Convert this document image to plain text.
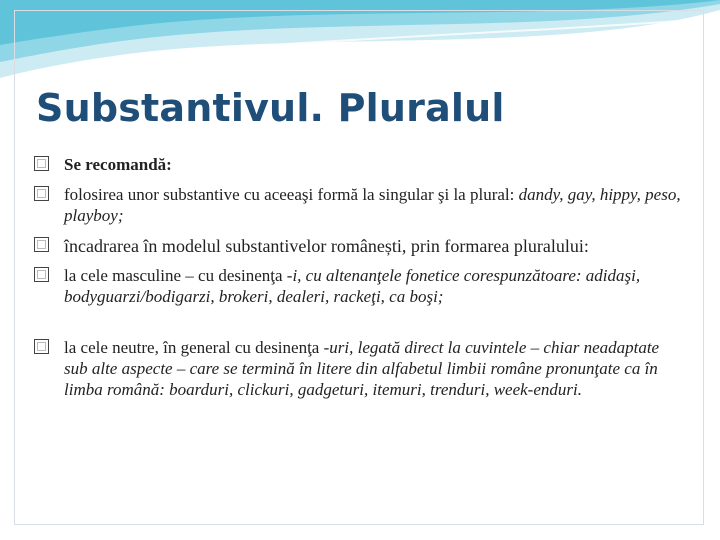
Substantivul. Pluralul
Se recomandă:
folosirea unor substantive cu aceeaşi formă la singular şi la plural: dandy, gay, hippy, peso, playboy;
încadrarea în modelul substantivelor românești, prin formarea pluralului:
la cele masculine – cu desinenţa -i, cu altenanţele fonetice corespunzătoare: adidaşi, bodyguarzi/bodigarzi, brokeri, dealeri, rackeţi, ca boşi;
la cele neutre, în general cu desinenţa -uri, legată direct la cuvintele – chiar neadaptate sub alte aspecte – care se termină în litere din alfabetul limbii române pronunţate ca în limba română: boarduri, clickuri, gadgeturi, itemuri, trenduri, week-enduri.
